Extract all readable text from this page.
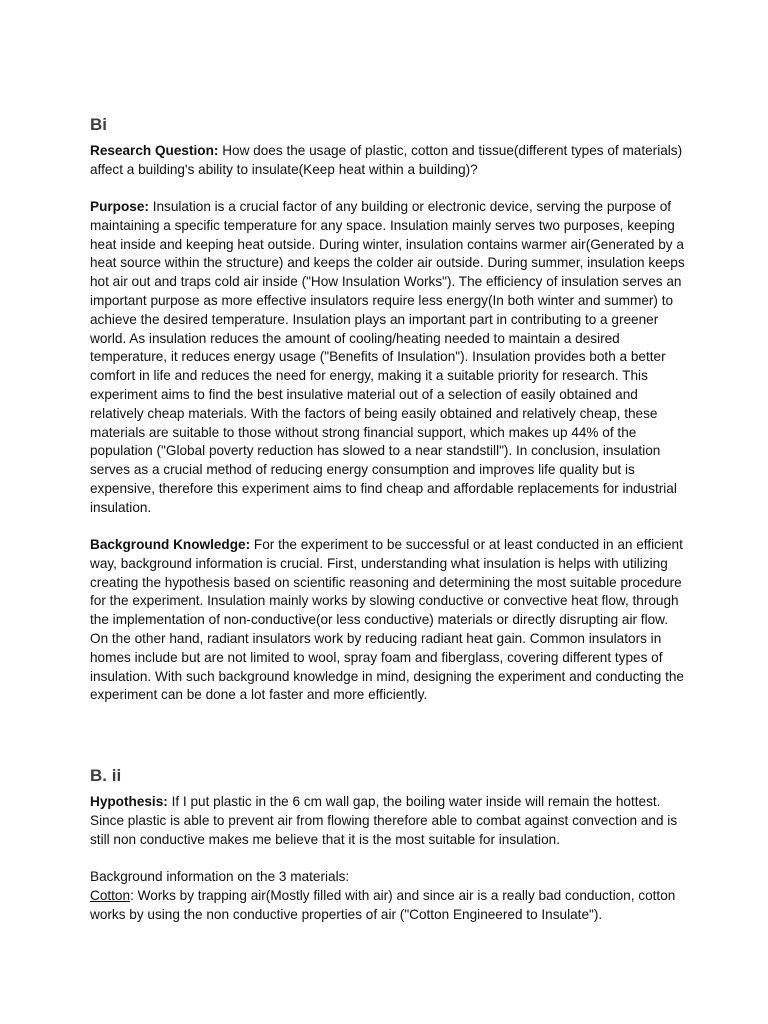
Bi

Research Question: How does the usage of plastic, cotton and tissue(different types of materials) affect a building's ability to insulate(Keep heat within a building)?

Purpose: Insulation is a crucial factor of any building or electronic device, serving the purpose of maintaining a specific temperature for any space. Insulation mainly serves two purposes, keeping heat inside and keeping heat outside. During winter, insulation contains warmer air(Generated by a heat source within the structure) and keeps the colder air outside. During summer, insulation keeps hot air out and traps cold air inside ("How Insulation Works"). The efficiency of insulation serves an important purpose as more effective insulators require less energy(In both winter and summer) to achieve the desired temperature. Insulation plays an important part in contributing to a greener world. As insulation reduces the amount of cooling/heating needed to maintain a desired temperature, it reduces energy usage ("Benefits of Insulation"). Insulation provides both a better comfort in life and reduces the need for energy, making it a suitable priority for research. This experiment aims to find the best insulative material out of a selection of easily obtained and relatively cheap materials. With the factors of being easily obtained and relatively cheap, these materials are suitable to those without strong financial support, which makes up 44% of the population ("Global poverty reduction has slowed to a near standstill"). In conclusion, insulation serves as a crucial method of reducing energy consumption and improves life quality but is expensive, therefore this experiment aims to find cheap and affordable replacements for industrial insulation.

Background Knowledge: For the experiment to be successful or at least conducted in an efficient way, background information is crucial. First, understanding what insulation is helps with utilizing creating the hypothesis based on scientific reasoning and determining the most suitable procedure for the experiment. Insulation mainly works by slowing conductive or convective heat flow, through the implementation of non-conductive(or less conductive) materials or directly disrupting air flow. On the other hand, radiant insulators work by reducing radiant heat gain. Common insulators in homes include but are not limited to wool, spray foam and fiberglass, covering different types of insulation. With such background knowledge in mind, designing the experiment and conducting the experiment can be done a lot faster and more efficiently.

B. ii

Hypothesis: If I put plastic in the 6 cm wall gap, the boiling water inside will remain the hottest. Since plastic is able to prevent air from flowing therefore able to combat against convection and is still non conductive makes me believe that it is the most suitable for insulation.

Background information on the 3 materials:
Cotton: Works by trapping air(Mostly filled with air) and since air is a really bad conduction, cotton works by using the non conductive properties of air ("Cotton Engineered to Insulate").
